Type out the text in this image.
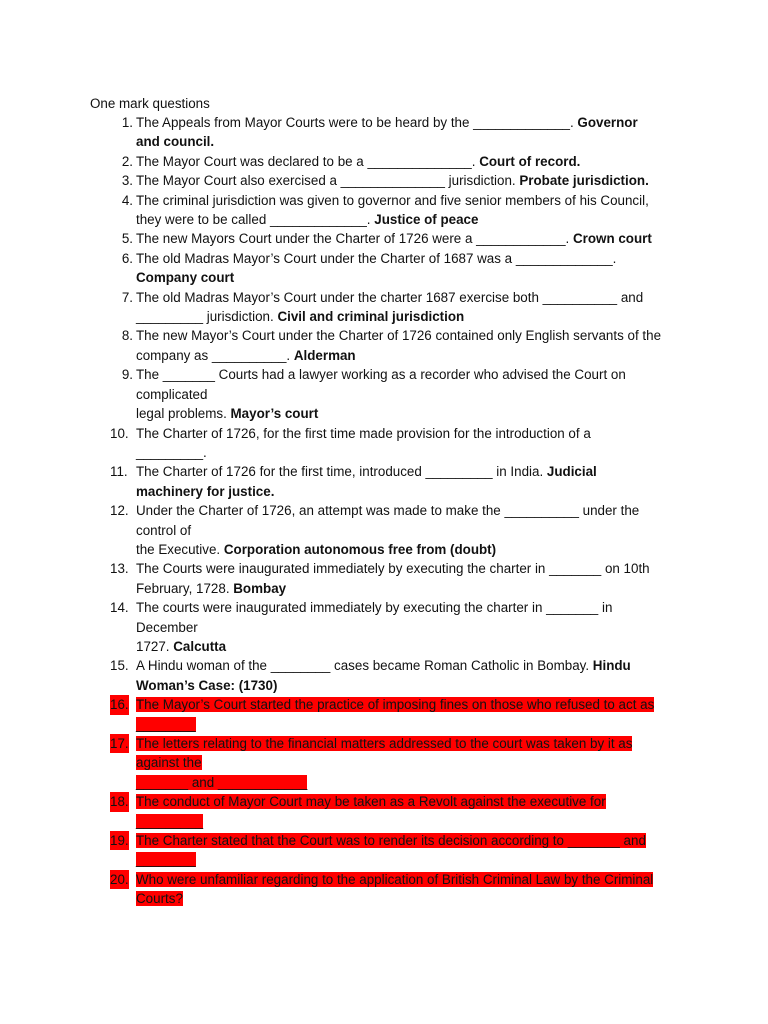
One mark questions
1. The Appeals from Mayor Courts were to be heard by the _____________. Governor
and council.
2. The Mayor Court was declared to be a ______________. Court of record.
3. The Mayor Court also exercised a ______________ jurisdiction. Probate jurisdiction.
4. The criminal jurisdiction was given to governor and five senior members of his Council,
they were to be called _____________. Justice of peace
5. The new Mayors Court under the Charter of 1726 were a ____________. Crown court
6. The old Madras Mayor’s Court under the Charter of 1687 was a _____________.
Company court
7. The old Madras Mayor’s Court under the charter 1687 exercise both __________ and
_________ jurisdiction. Civil and criminal jurisdiction
8. The new Mayor’s Court under the Charter of 1726 contained only English servants of the
company as __________. Alderman
9. The _______ Courts had a lawyer working as a recorder who advised the Court on
complicated
legal problems. Mayor’s court
10. The Charter of 1726, for the first time made provision for the introduction of a
_________.
11. The Charter of 1726 for the first time, introduced _________ in India. Judicial
machinery for justice.
12. Under the Charter of 1726, an attempt was made to make the __________ under the
control of
the Executive. Corporation autonomous free from (doubt)
13. The Courts were inaugurated immediately by executing the charter in _______ on 10th
February, 1728. Bombay
14. The courts were inaugurated immediately by executing the charter in _______ in
December
1727. Calcutta
15. A Hindu woman of the ________ cases became Roman Catholic in Bombay. Hindu
Woman’s Case: (1730)
16. The Mayor’s Court started the practice of imposing fines on those who refused to act as
________
17. The letters relating to the financial matters addressed to the court was taken by it as
against the
_______ and ____________
18. The conduct of Mayor Court may be taken as a Revolt against the executive for
_________
19. The Charter stated that the Court was to render its decision according to _______ and
________
20. Who were unfamiliar regarding to the application of British Criminal Law by the Criminal
Courts?
